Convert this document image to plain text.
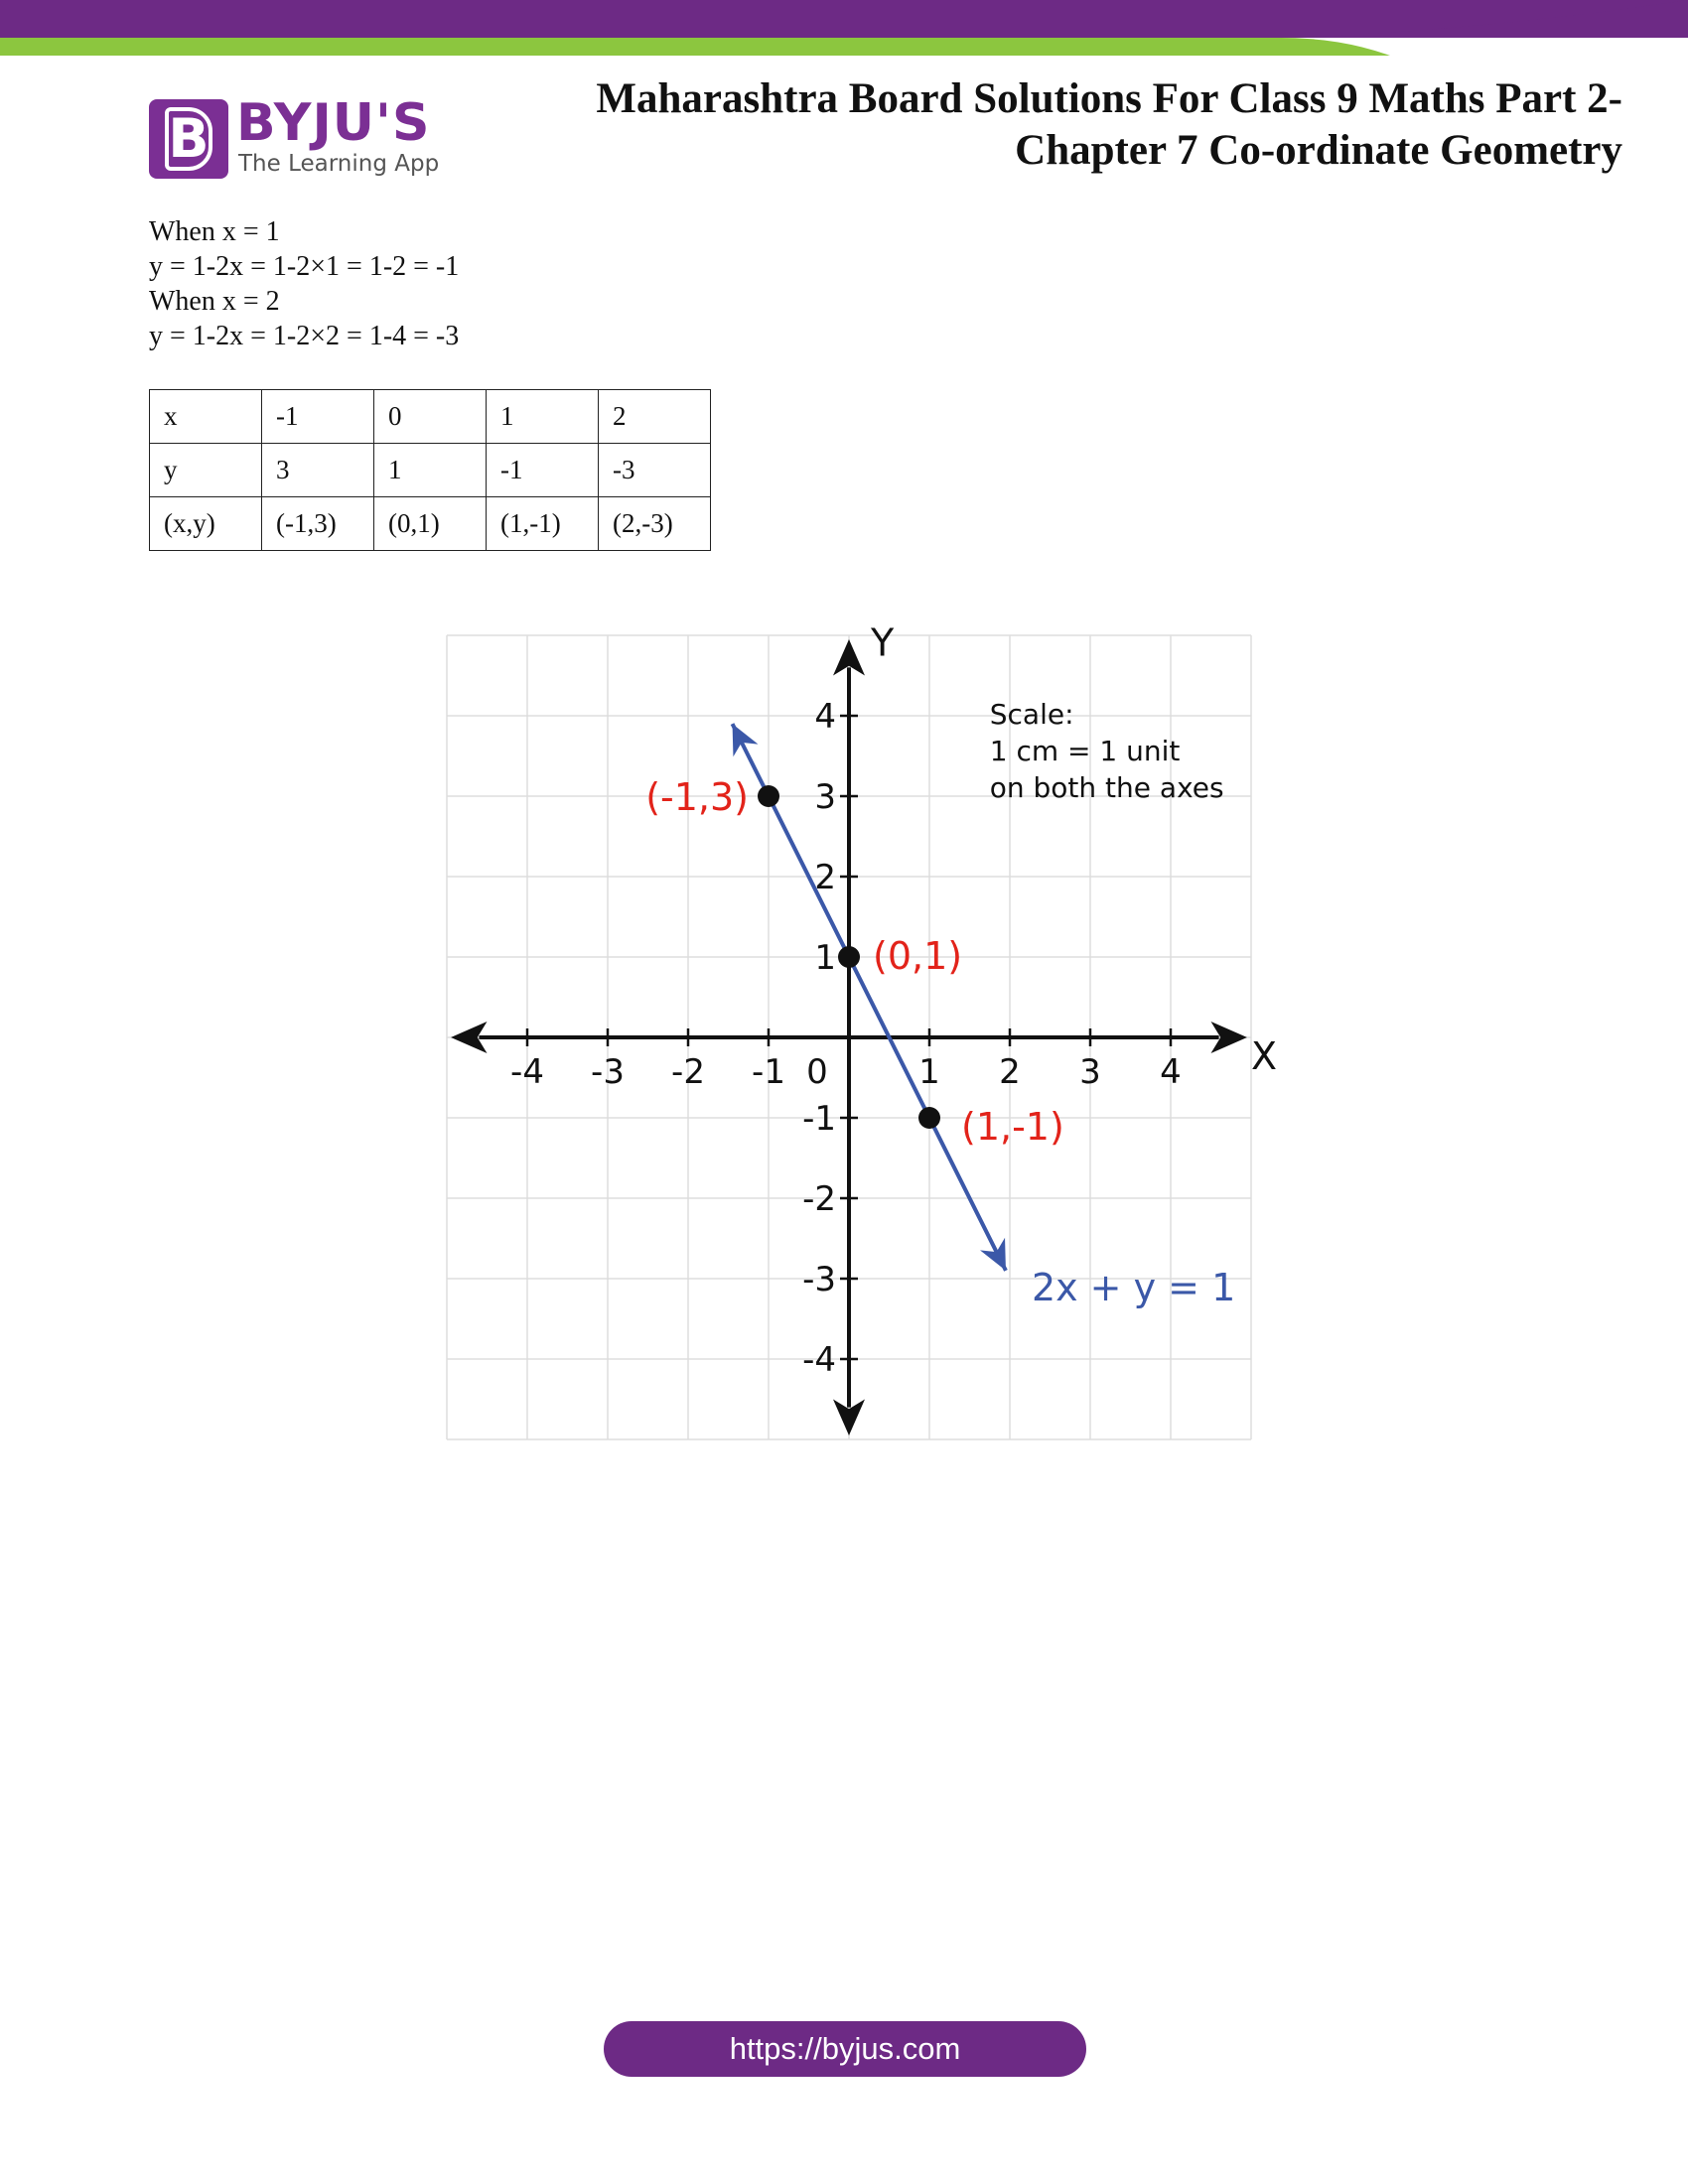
B BYJU'S
The Learning App
Maharashtra Board Solutions For Class 9 Maths Part 2-
Chapter 7 Co-ordinate Geometry
When x = 1
y = 1-2x = 1-2×1 = 1-2 = -1
When x = 2
y = 1-2x = 1-2×2 = 1-4 = -3
x	-1	0	1	2
y	3	1	-1	-3
(x,y)	(-1,3)	(0,1)	(1,-1)	(2,-3)
X
Y
-4 -3 -2 -1	1 2 3 4
-4
-3
-2
-1
1
2
3
4
0
2x + y = 1
(-1,3)
(0,1)
(1,-1)
Scale:
1 cm = 1 unit
on both the axes
https://byjus.com
